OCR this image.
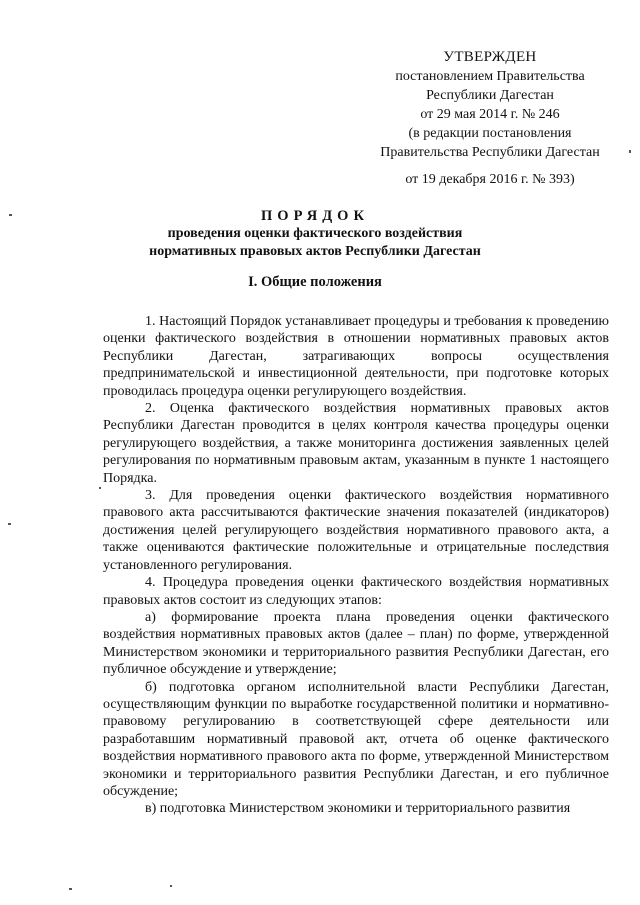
УТВЕРЖДЕН
постановлением Правительства
Республики Дагестан
от 29 мая 2014 г. № 246
(в редакции постановления
Правительства Республики Дагестан
от 19 декабря 2016 г. № 393)
ПОРЯДОК
проведения оценки фактического воздействия
нормативных правовых актов Республики Дагестан
I. Общие положения

1. Настоящий Порядок устанавливает процедуры и требования к проведению оценки фактического воздействия в отношении нормативных правовых актов Республики Дагестан, затрагивающих вопросы осуществления предпринимательской и инвестиционной деятельности, при подготовке которых проводилась процедура оценки регулирующего воздействия.

2. Оценка фактического воздействия нормативных правовых актов Республики Дагестан проводится в целях контроля качества процедуры оценки регулирующего воздействия, а также мониторинга достижения заявленных целей регулирования по нормативным правовым актам, указанным в пункте 1 настоящего Порядка.

3. Для проведения оценки фактического воздействия нормативного правового акта рассчитываются фактические значения показателей (индикаторов) достижения целей регулирующего воздействия нормативного правового акта, а также оцениваются фактические положительные и отрицательные последствия установленного регулирования.

4. Процедура проведения оценки фактического воздействия нормативных правовых актов состоит из следующих этапов:

а) формирование проекта плана проведения оценки фактического воздействия нормативных правовых актов (далее – план) по форме, утвержденной Министерством экономики и территориального развития Республики Дагестан, его публичное обсуждение и утверждение;

б) подготовка органом исполнительной власти Республики Дагестан, осуществляющим функции по выработке государственной политики и нормативно-правовому регулированию в соответствующей сфере деятельности или разработавшим нормативный правовой акт, отчета об оценке фактического воздействия нормативного правового акта по форме, утвержденной Министерством экономики и территориального развития Республики Дагестан, и его публичное обсуждение;

в) подготовка Министерством экономики и территориального развития
